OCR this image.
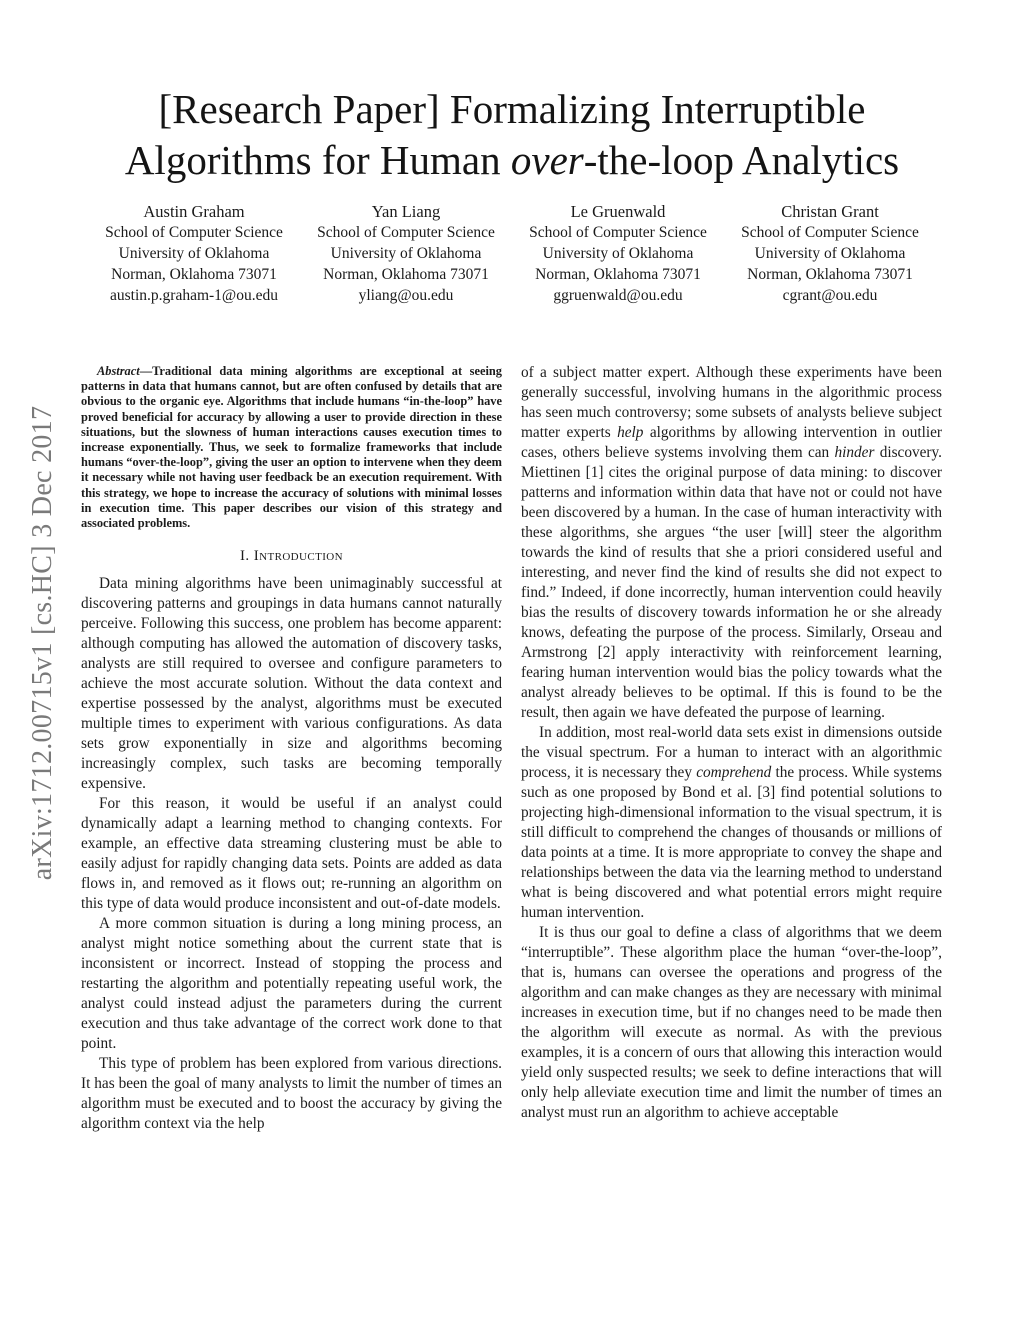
[Research Paper] Formalizing Interruptible
Algorithms for Human over-the-loop Analytics
Austin Graham
School of Computer Science
University of Oklahoma
Norman, Oklahoma 73071
austin.p.graham-1@ou.edu
Yan Liang
School of Computer Science
University of Oklahoma
Norman, Oklahoma 73071
yliang@ou.edu
Le Gruenwald
School of Computer Science
University of Oklahoma
Norman, Oklahoma 73071
ggruenwald@ou.edu
Christan Grant
School of Computer Science
University of Oklahoma
Norman, Oklahoma 73071
cgrant@ou.edu
arXiv:1712.00715v1 [cs.HC] 3 Dec 2017

Abstract—Traditional data mining algorithms are exceptional at seeing patterns in data that humans cannot, but are often confused by details that are obvious to the organic eye. Algorithms that include humans “in-the-loop” have proved beneficial for accuracy by allowing a user to provide direction in these situations, but the slowness of human interactions causes execution times to increase exponentially. Thus, we seek to formalize frameworks that include humans “over-the-loop”, giving the user an option to intervene when they deem it necessary while not having user feedback be an execution requirement. With this strategy, we hope to increase the accuracy of solutions with minimal losses in execution time. This paper describes our vision of this strategy and associated problems.

I. Introduction

Data mining algorithms have been unimaginably successful at discovering patterns and groupings in data humans cannot naturally perceive. Following this success, one problem has become apparent: although computing has allowed the automation of discovery tasks, analysts are still required to oversee and configure parameters to achieve the most accurate solution. Without the data context and expertise possessed by the analyst, algorithms must be executed multiple times to experiment with various configurations. As data sets grow exponentially in size and algorithms becoming increasingly complex, such tasks are becoming temporally expensive.

For this reason, it would be useful if an analyst could dynamically adapt a learning method to changing contexts. For example, an effective data streaming clustering must be able to easily adjust for rapidly changing data sets. Points are added as data flows in, and removed as it flows out; re-running an algorithm on this type of data would produce inconsistent and out-of-date models.

A more common situation is during a long mining process, an analyst might notice something about the current state that is inconsistent or incorrect. Instead of stopping the process and restarting the algorithm and potentially repeating useful work, the analyst could instead adjust the parameters during the current execution and thus take advantage of the correct work done to that point.

This type of problem has been explored from various directions. It has been the goal of many analysts to limit the number of times an algorithm must be executed and to boost the accuracy by giving the algorithm context via the help

of a subject matter expert. Although these experiments have been generally successful, involving humans in the algorithmic process has seen much controversy; some subsets of analysts believe subject matter experts help algorithms by allowing intervention in outlier cases, others believe systems involving them can hinder discovery. Miettinen [1] cites the original purpose of data mining: to discover patterns and information within data that have not or could not have been discovered by a human. In the case of human interactivity with these algorithms, she argues “the user [will] steer the algorithm towards the kind of results that she a priori considered useful and interesting, and never find the kind of results she did not expect to find.” Indeed, if done incorrectly, human intervention could heavily bias the results of discovery towards information he or she already knows, defeating the purpose of the process. Similarly, Orseau and Armstrong [2] apply interactivity with reinforcement learning, fearing human intervention would bias the policy towards what the analyst already believes to be optimal. If this is found to be the result, then again we have defeated the purpose of learning.

In addition, most real-world data sets exist in dimensions outside the visual spectrum. For a human to interact with an algorithmic process, it is necessary they comprehend the process. While systems such as one proposed by Bond et al. [3] find potential solutions to projecting high-dimensional information to the visual spectrum, it is still difficult to comprehend the changes of thousands or millions of data points at a time. It is more appropriate to convey the shape and relationships between the data via the learning method to understand what is being discovered and what potential errors might require human intervention.

It is thus our goal to define a class of algorithms that we deem “interruptible”. These algorithm place the human “over-the-loop”, that is, humans can oversee the operations and progress of the algorithm and can make changes as they are necessary with minimal increases in execution time, but if no changes need to be made then the algorithm will execute as normal. As with the previous examples, it is a concern of ours that allowing this interaction would yield only suspected results; we seek to define interactions that will only help alleviate execution time and limit the number of times an analyst must run an algorithm to achieve acceptable
